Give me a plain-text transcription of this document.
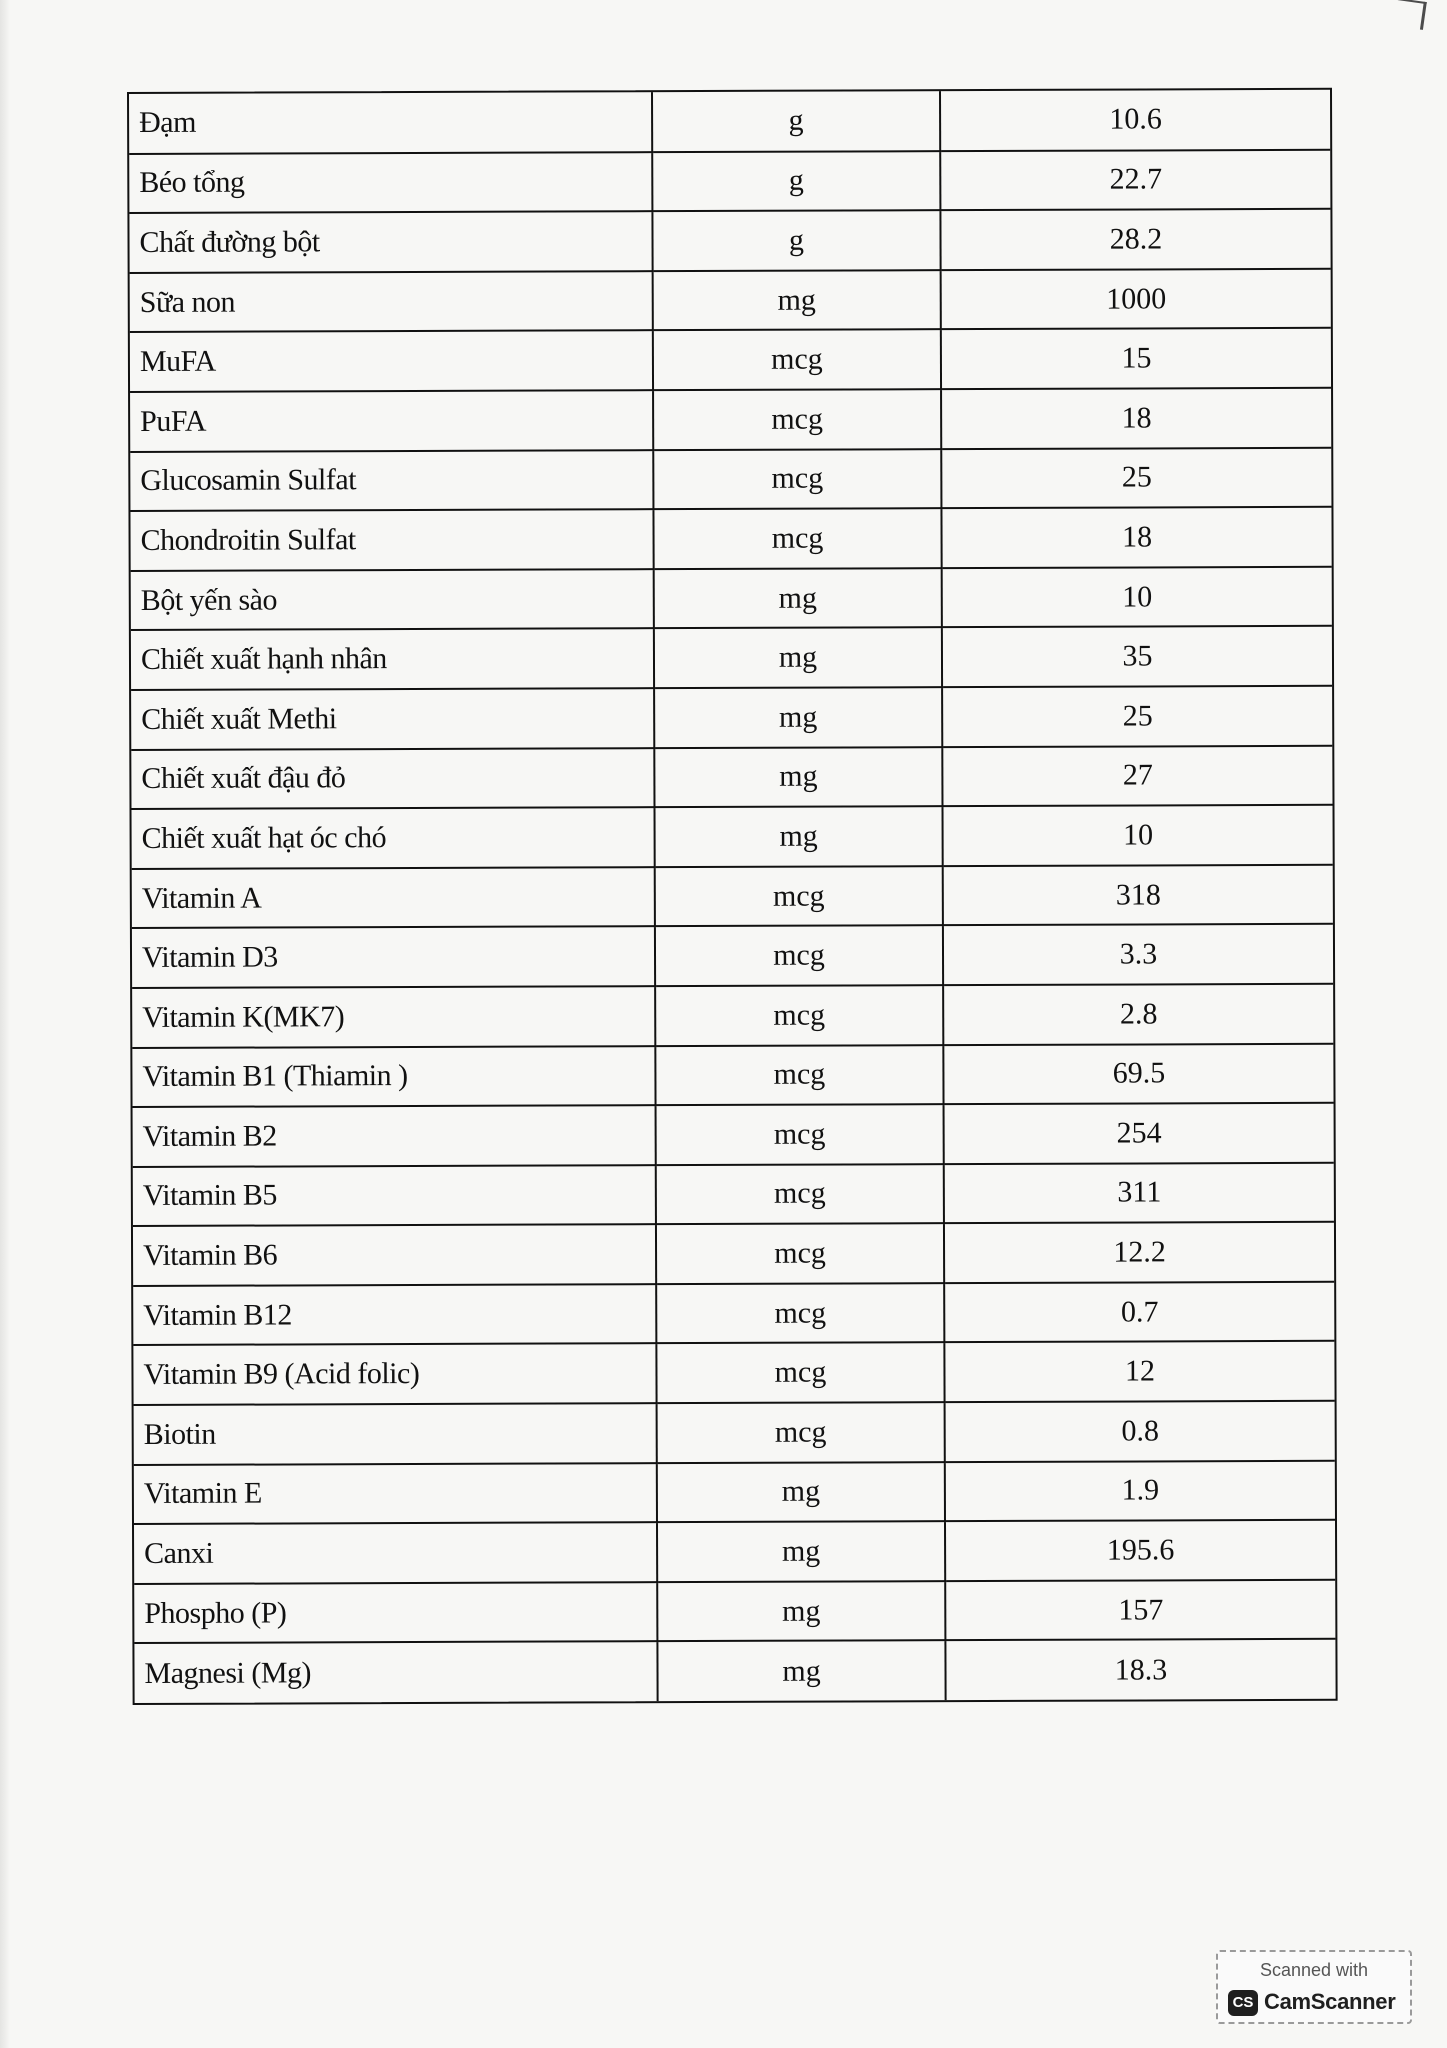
Đạm	g	10.6
Béo tổng	g	22.7
Chất đường bột	g	28.2
Sữa non	mg	1000
MuFA	mcg	15
PuFA	mcg	18
Glucosamin Sulfat	mcg	25
Chondroitin Sulfat	mcg	18
Bột yến sào	mg	10
Chiết xuất hạnh nhân	mg	35
Chiết xuất Methi	mg	25
Chiết xuất đậu đỏ	mg	27
Chiết xuất hạt óc chó	mg	10
Vitamin A	mcg	318
Vitamin D3	mcg	3.3
Vitamin K(MK7)	mcg	2.8
Vitamin B1 (Thiamin )	mcg	69.5
Vitamin B2	mcg	254
Vitamin B5	mcg	311
Vitamin B6	mcg	12.2
Vitamin B12	mcg	0.7
Vitamin B9 (Acid folic)	mcg	12
Biotin	mcg	0.8
Vitamin E	mg	1.9
Canxi	mg	195.6
Phospho (P)	mg	157
Magnesi (Mg)	mg	18.3
Scanned with
CS CamScanner
